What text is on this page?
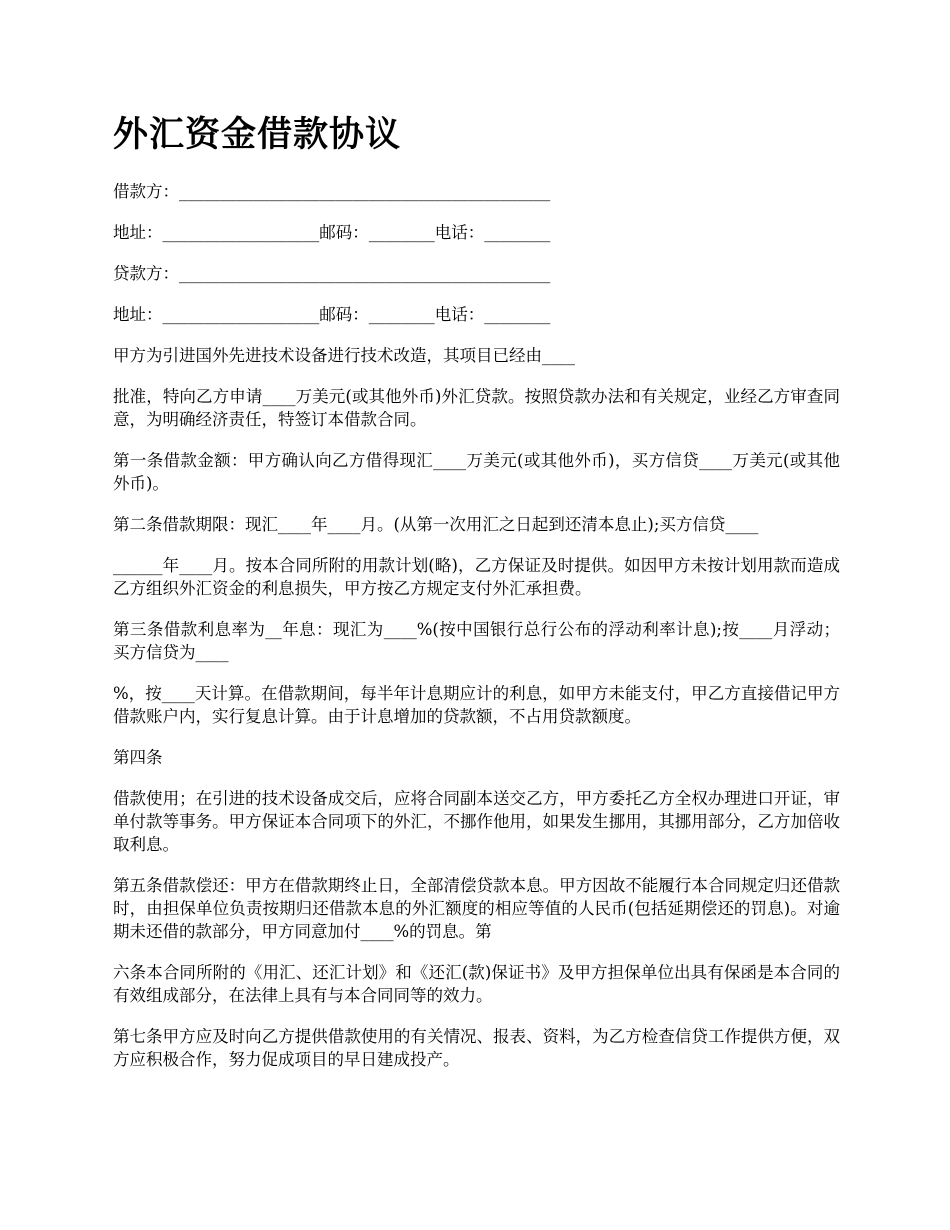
外汇资金借款协议
借款方：_____________________________________________
地址：___________________邮码：________电话：________
贷款方：_____________________________________________
地址：___________________邮码：________电话：________

甲方为引进国外先进技术设备进行技术改造，其项目已经由____

批准，特向乙方申请____万美元(或其他外币)外汇贷款。按照贷款办法和有关规定，业经乙方审查同意，为明确经济责任，特签订本借款合同。

第一条借款金额：甲方确认向乙方借得现汇____万美元(或其他外币)，买方信贷____万美元(或其他外币)。

第二条借款期限：现汇____年____月。(从第一次用汇之日起到还清本息止);买方信贷____

______年____月。按本合同所附的用款计划(略)，乙方保证及时提供。如因甲方未按计划用款而造成乙方组织外汇资金的利息损失，甲方按乙方规定支付外汇承担费。

第三条借款利息率为__年息：现汇为____%(按中国银行总行公布的浮动利率计息);按____月浮动；买方信贷为____

%，按____天计算。在借款期间，每半年计息期应计的利息，如甲方未能支付，甲乙方直接借记甲方借款账户内，实行复息计算。由于计息增加的贷款额，不占用贷款额度。

第四条

借款使用；在引进的技术设备成交后，应将合同副本送交乙方，甲方委托乙方全权办理进口开证，审单付款等事务。甲方保证本合同项下的外汇，不挪作他用，如果发生挪用，其挪用部分，乙方加倍收取利息。

第五条借款偿还：甲方在借款期终止日，全部清偿贷款本息。甲方因故不能履行本合同规定归还借款时，由担保单位负责按期归还借款本息的外汇额度的相应等值的人民币(包括延期偿还的罚息)。对逾期未还借的款部分，甲方同意加付____%的罚息。第

六条本合同所附的《用汇、还汇计划》和《还汇(款)保证书》及甲方担保单位出具有保函是本合同的有效组成部分，在法律上具有与本合同同等的效力。

第七条甲方应及时向乙方提供借款使用的有关情况、报表、资料，为乙方检查信贷工作提供方便，双方应积极合作，努力促成项目的早日建成投产。
